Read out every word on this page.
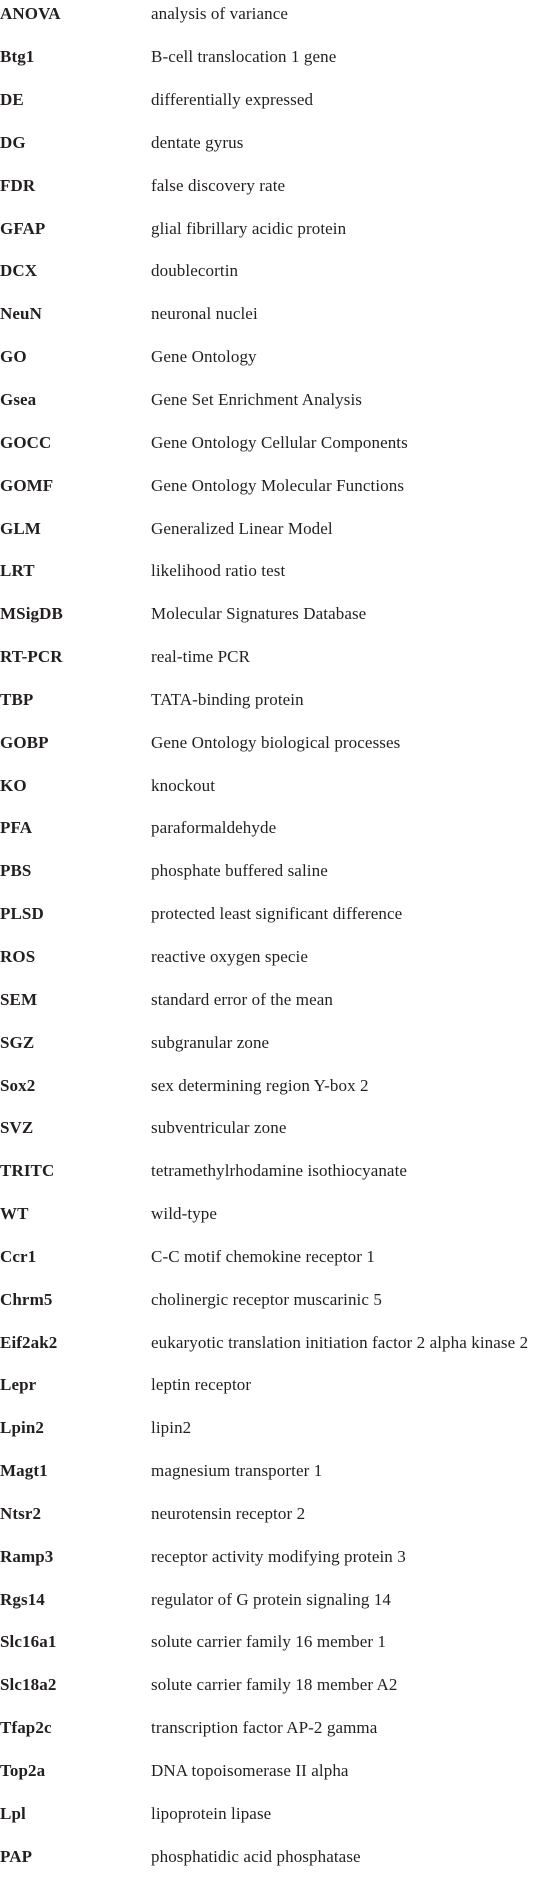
ANOVA	analysis of variance
Btg1	B-cell translocation 1 gene
DE	differentially expressed
DG	dentate gyrus
FDR	false discovery rate
GFAP	glial fibrillary acidic protein
DCX	doublecortin
NeuN	neuronal nuclei
GO	Gene Ontology
Gsea	Gene Set Enrichment Analysis
GOCC	Gene Ontology Cellular Components
GOMF	Gene Ontology Molecular Functions
GLM	Generalized Linear Model
LRT	likelihood ratio test
MSigDB	Molecular Signatures Database
RT-PCR	real-time PCR
TBP	TATA-binding protein
GOBP	Gene Ontology biological processes
KO	knockout
PFA	paraformaldehyde
PBS	phosphate buffered saline
PLSD	protected least significant difference
ROS	reactive oxygen specie
SEM	standard error of the mean
SGZ	subgranular zone
Sox2	sex determining region Y-box 2
SVZ	subventricular zone
TRITC	tetramethylrhodamine isothiocyanate
WT	wild-type
Ccr1	C-C motif chemokine receptor 1
Chrm5	cholinergic receptor muscarinic 5
Eif2ak2	eukaryotic translation initiation factor 2 alpha kinase 2
Lepr	leptin receptor
Lpin2	lipin2
Magt1	magnesium transporter 1
Ntsr2	neurotensin receptor 2
Ramp3	receptor activity modifying protein 3
Rgs14	regulator of G protein signaling 14
Slc16a1	solute carrier family 16 member 1
Slc18a2	solute carrier family 18 member A2
Tfap2c	transcription factor AP-2 gamma
Top2a	DNA topoisomerase II alpha
Lpl	lipoprotein lipase
PAP	phosphatidic acid phosphatase
